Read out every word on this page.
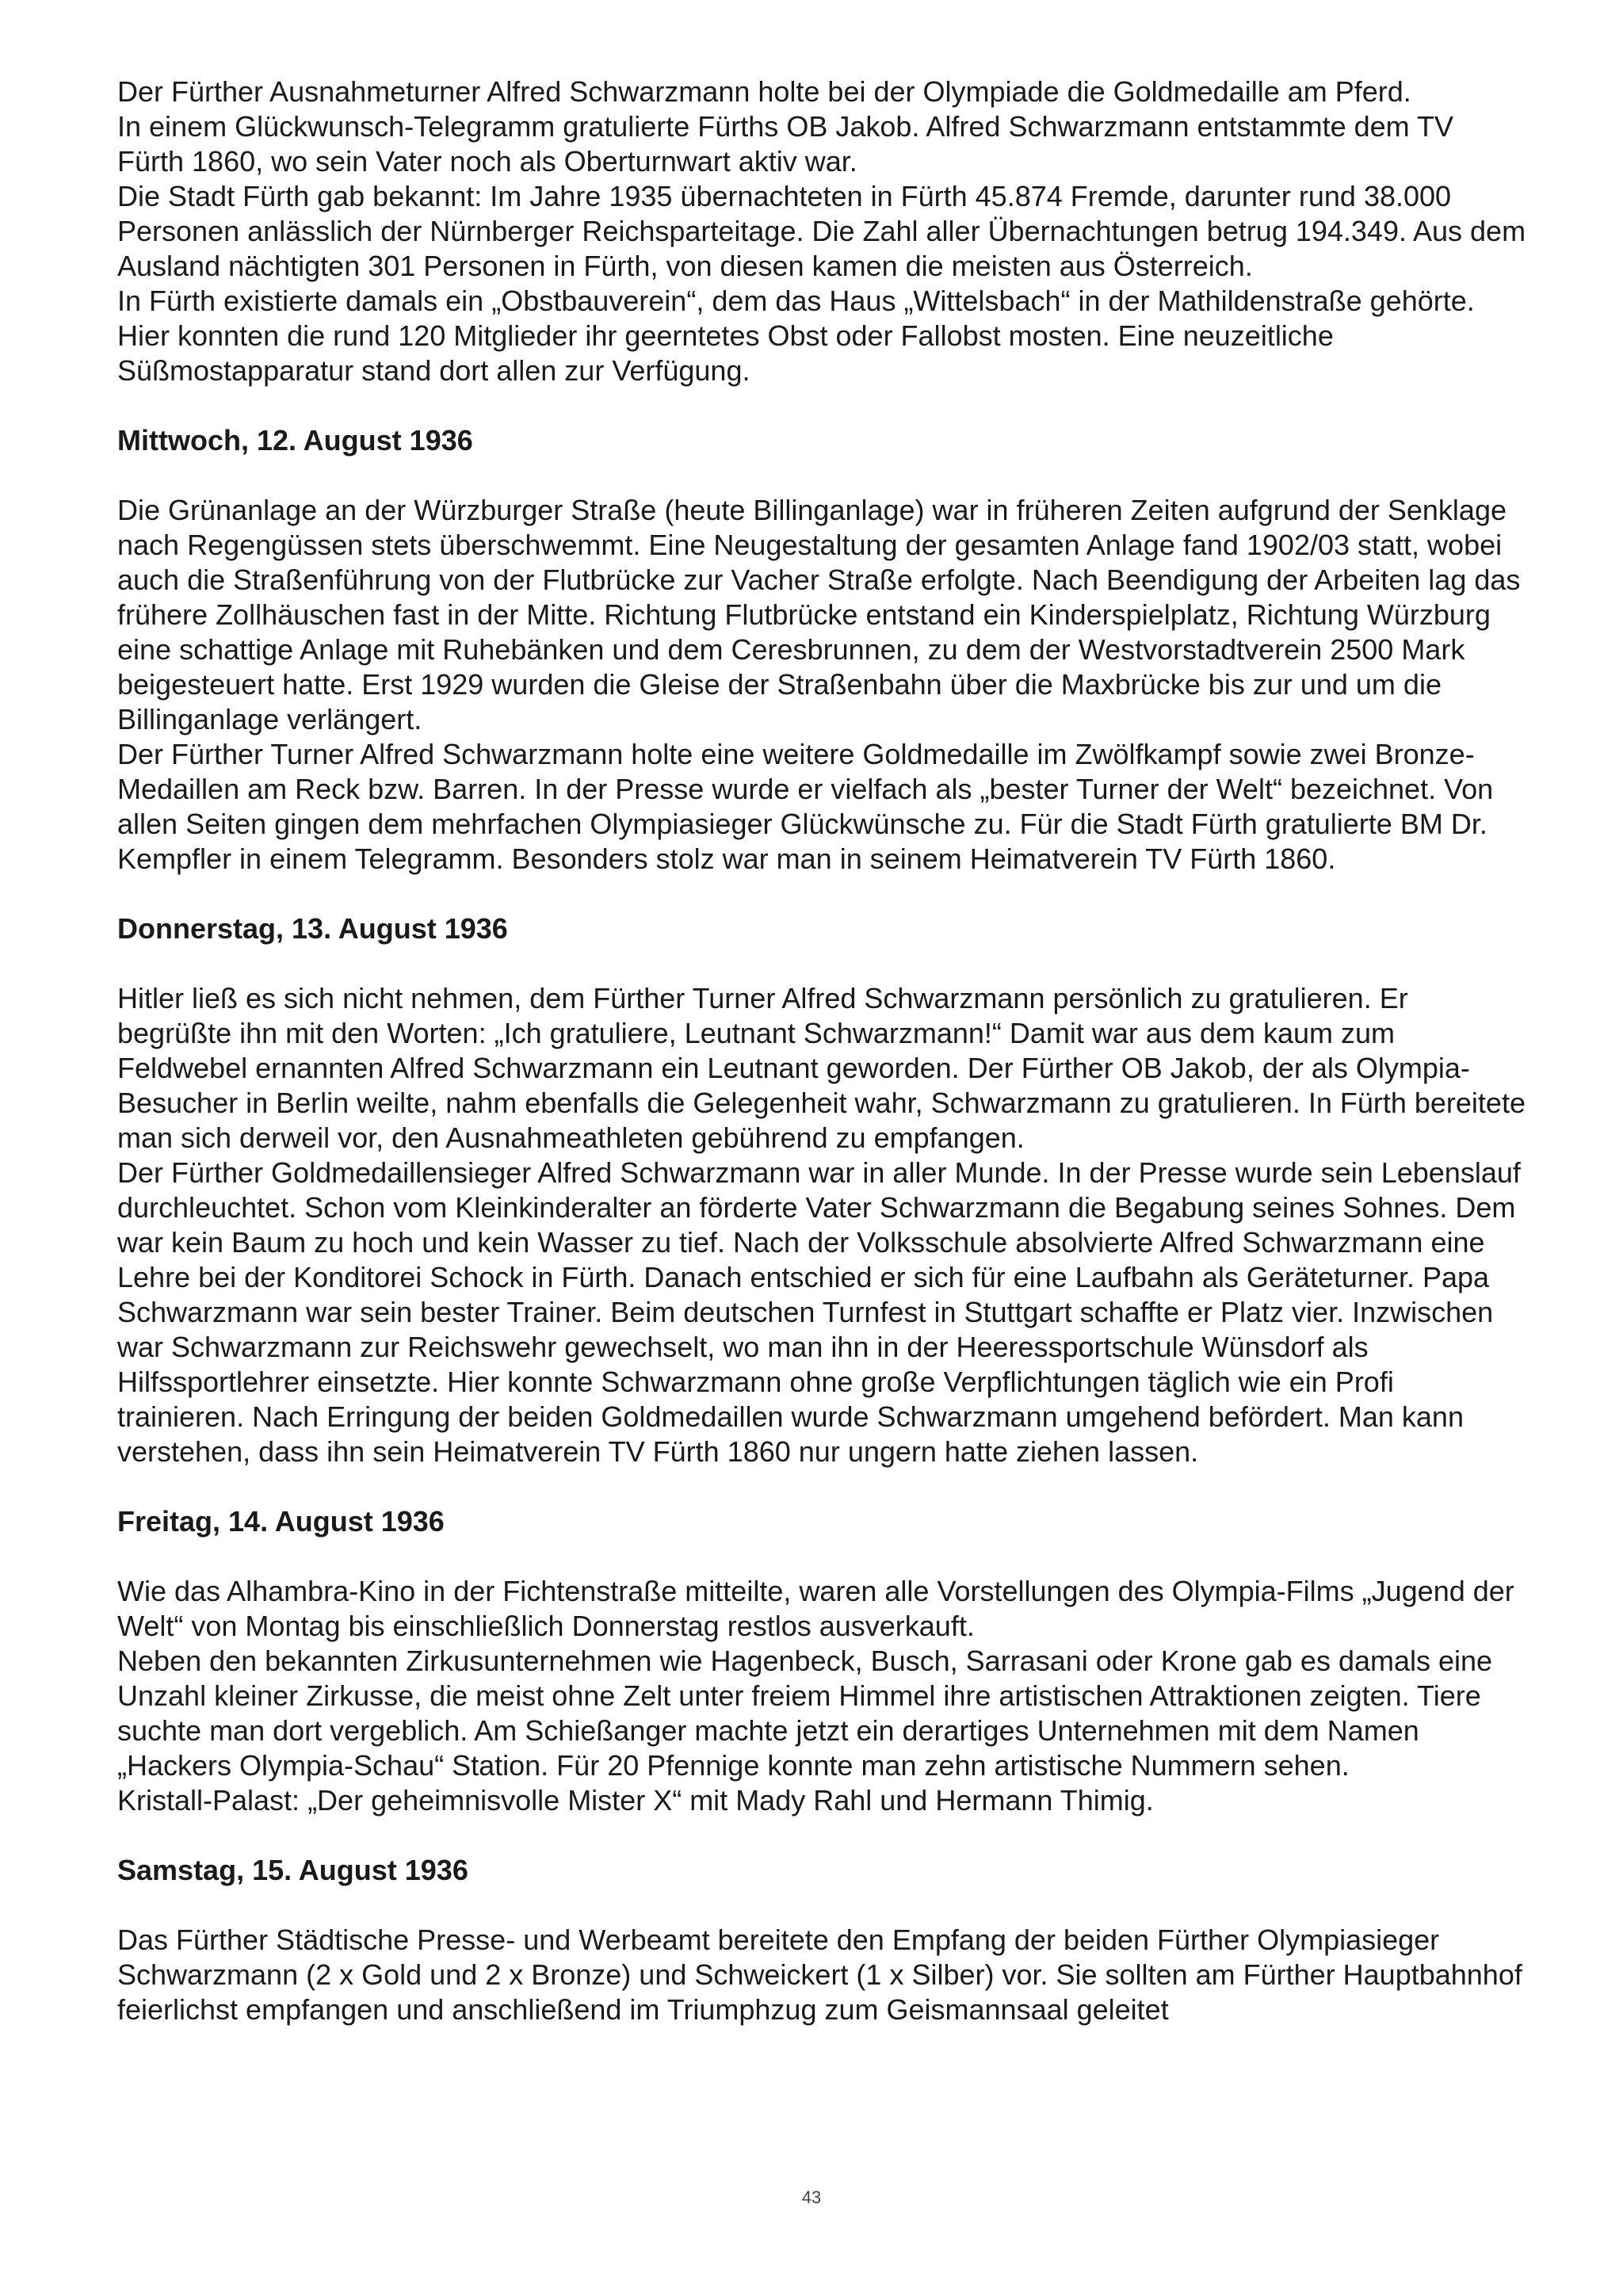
Der Fürther Ausnahmeturner Alfred Schwarzmann holte bei der Olympiade die Goldmedaille am Pferd.

In einem Glückwunsch-Telegramm gratulierte Fürths OB Jakob. Alfred Schwarzmann entstammte dem TV Fürth 1860, wo sein Vater noch als Oberturnwart aktiv war.

Die Stadt Fürth gab bekannt: Im Jahre 1935 übernachteten in Fürth 45.874 Fremde, darunter rund 38.000 Personen anlässlich der Nürnberger Reichsparteitage. Die Zahl aller Übernachtungen betrug 194.349. Aus dem Ausland nächtigten 301 Personen in Fürth, von diesen kamen die meisten aus Österreich.

In Fürth existierte damals ein „Obstbauverein“, dem das Haus „Wittelsbach“ in der Mathildenstraße gehörte. Hier konnten die rund 120 Mitglieder ihr geerntetes Obst oder Fallobst mosten. Eine neuzeitliche Süßmostapparatur stand dort allen zur Verfügung.

Mittwoch, 12. August 1936

Die Grünanlage an der Würzburger Straße (heute Billinganlage) war in früheren Zeiten aufgrund der Senklage nach Regengüssen stets überschwemmt. Eine Neugestaltung der gesamten Anlage fand 1902/03 statt, wobei auch die Straßenführung von der Flutbrücke zur Vacher Straße erfolgte. Nach Beendigung der Arbeiten lag das frühere Zollhäuschen fast in der Mitte. Richtung Flutbrücke entstand ein Kinderspielplatz, Richtung Würzburg eine schattige Anlage mit Ruhebänken und dem Ceresbrunnen, zu dem der Westvorstadtverein 2500 Mark beigesteuert hatte. Erst 1929 wurden die Gleise der Straßenbahn über die Maxbrücke bis zur und um die Billinganlage verlängert.

Der Fürther Turner Alfred Schwarzmann holte eine weitere Goldmedaille im Zwölfkampf sowie zwei Bronze-Medaillen am Reck bzw. Barren. In der Presse wurde er vielfach als „bester Turner der Welt“ bezeichnet. Von allen Seiten gingen dem mehrfachen Olympiasieger Glückwünsche zu. Für die Stadt Fürth gratulierte BM Dr. Kempfler in einem Telegramm. Besonders stolz war man in seinem Heimatverein TV Fürth 1860.

Donnerstag, 13. August 1936

Hitler ließ es sich nicht nehmen, dem Fürther Turner Alfred Schwarzmann persönlich zu gratulieren. Er begrüßte ihn mit den Worten: „Ich gratuliere, Leutnant Schwarzmann!“ Damit war aus dem kaum zum Feldwebel ernannten Alfred Schwarzmann ein Leutnant geworden. Der Fürther OB Jakob, der als Olympia-Besucher in Berlin weilte, nahm ebenfalls die Gelegenheit wahr, Schwarzmann zu gratulieren. In Fürth bereitete man sich derweil vor, den Ausnahmeathleten gebührend zu empfangen.

Der Fürther Goldmedaillensieger Alfred Schwarzmann war in aller Munde. In der Presse wurde sein Lebenslauf durchleuchtet. Schon vom Kleinkinderalter an förderte Vater Schwarzmann die Begabung seines Sohnes. Dem war kein Baum zu hoch und kein Wasser zu tief. Nach der Volksschule absolvierte Alfred Schwarzmann eine Lehre bei der Konditorei Schock in Fürth. Danach entschied er sich für eine Laufbahn als Geräteturner. Papa Schwarzmann war sein bester Trainer. Beim deutschen Turnfest in Stuttgart schaffte er Platz vier. Inzwischen war Schwarzmann zur Reichswehr gewechselt, wo man ihn in der Heeressportschule Wünsdorf als Hilfssportlehrer einsetzte. Hier konnte Schwarzmann ohne große Verpflichtungen täglich wie ein Profi trainieren. Nach Erringung der beiden Goldmedaillen wurde Schwarzmann umgehend befördert. Man kann verstehen, dass ihn sein Heimatverein TV Fürth 1860 nur ungern hatte ziehen lassen.

Freitag, 14. August 1936

Wie das Alhambra-Kino in der Fichtenstraße mitteilte, waren alle Vorstellungen des Olympia-Films „Jugend der Welt“ von Montag bis einschließlich Donnerstag restlos ausverkauft.

Neben den bekannten Zirkusunternehmen wie Hagenbeck, Busch, Sarrasani oder Krone gab es damals eine Unzahl kleiner Zirkusse, die meist ohne Zelt unter freiem Himmel ihre artistischen Attraktionen zeigten. Tiere suchte man dort vergeblich. Am Schießanger machte jetzt ein derartiges Unternehmen mit dem Namen „Hackers Olympia-Schau“ Station. Für 20 Pfennige konnte man zehn artistische Nummern sehen.

Kristall-Palast: „Der geheimnisvolle Mister X“ mit Mady Rahl und Hermann Thimig.

Samstag, 15. August 1936

Das Fürther Städtische Presse- und Werbeamt bereitete den Empfang der beiden Fürther Olympiasieger Schwarzmann (2 x Gold und 2 x Bronze) und Schweickert (1 x Silber) vor. Sie sollten am Fürther Hauptbahnhof feierlichst empfangen und anschließend im Triumphzug zum Geismannsaal geleitet

43
